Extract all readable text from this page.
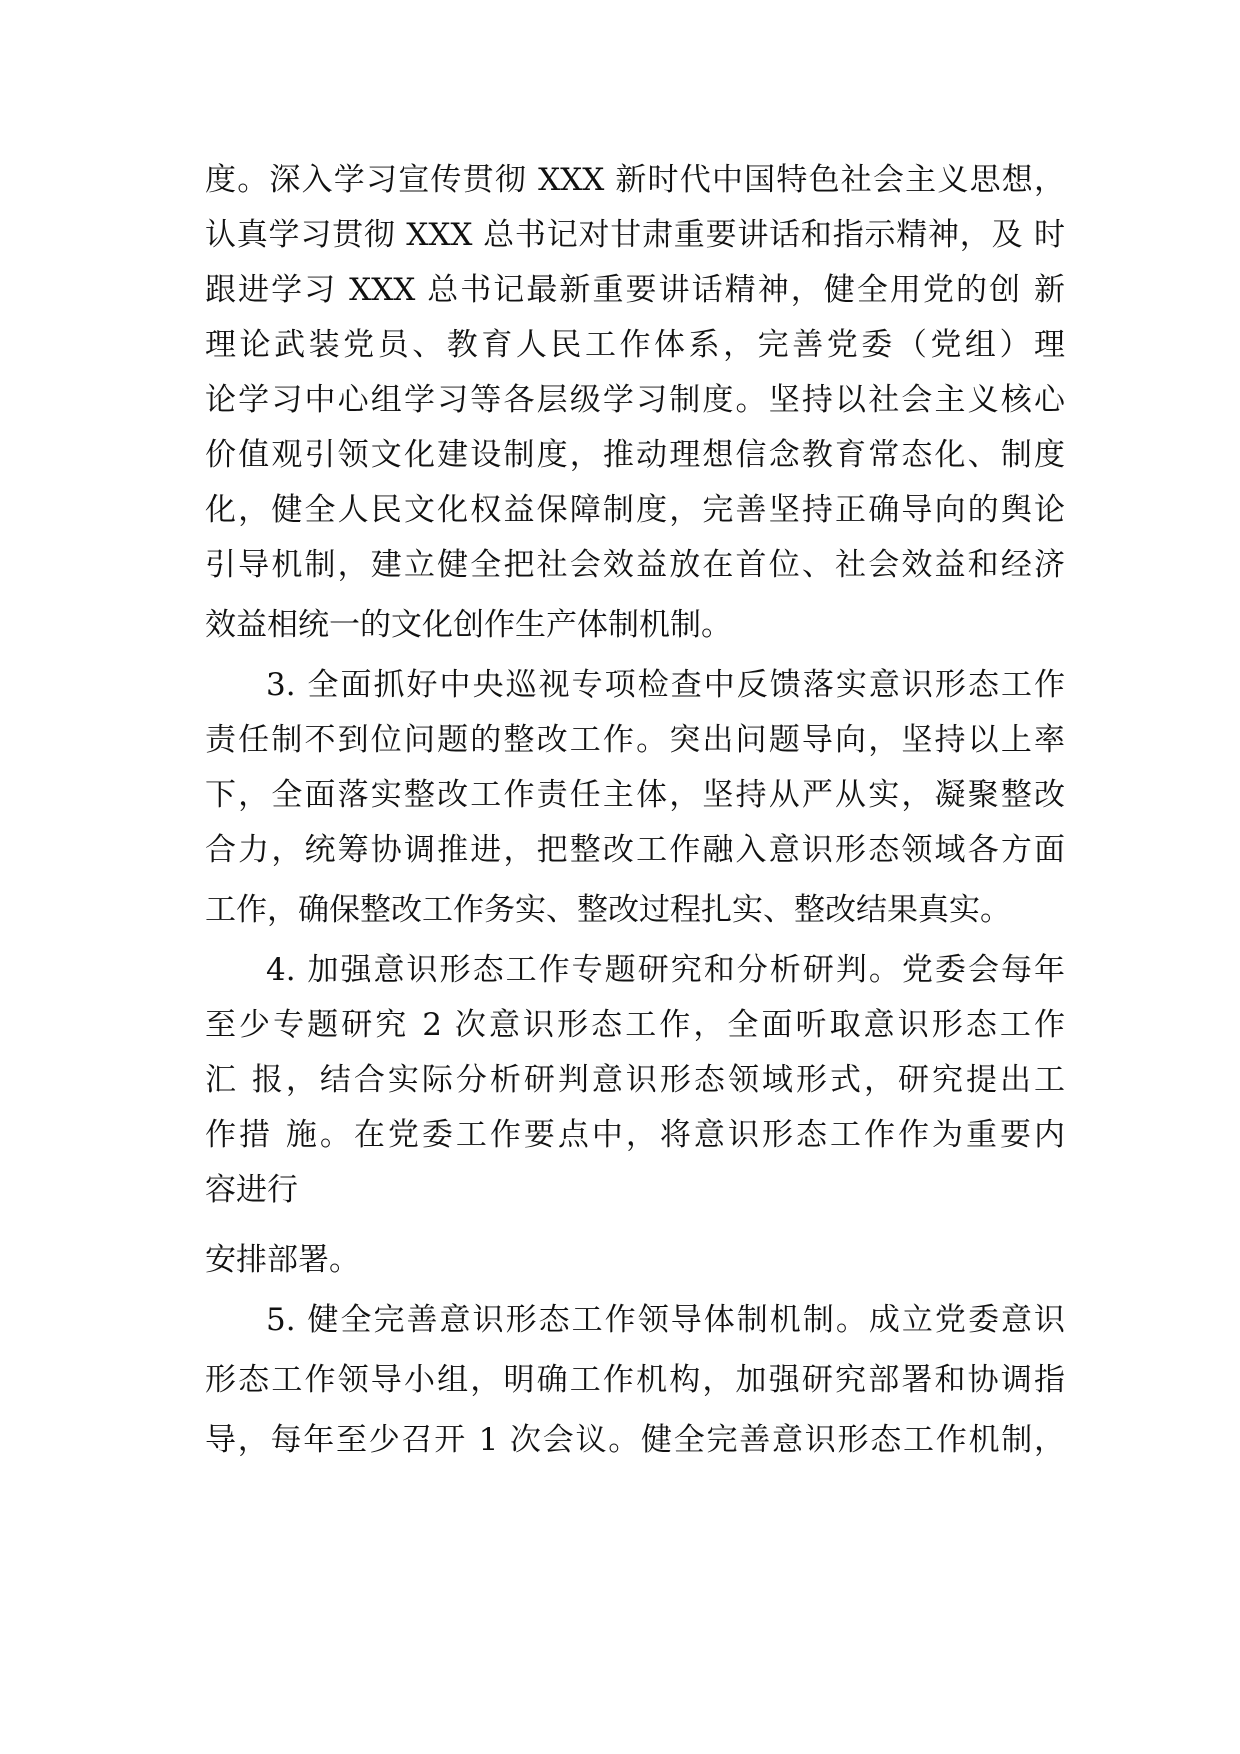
度。深入学习宣传贯彻 XXX 新时代中国特色社会主义思想，
认真学习贯彻 XXX 总书记对甘肃重要讲话和指示精神，及 时
跟进学习 XXX 总书记最新重要讲话精神，健全用党的创 新
理论武装党员、教育人民工作体系，完善党委（党组）理
论学习中心组学习等各层级学习制度。坚持以社会主义核心
价值观引领文化建设制度，推动理想信念教育常态化、制度
化，健全人民文化权益保障制度，完善坚持正确导向的舆论
引导机制，建立健全把社会效益放在首位、社会效益和经济
效益相统一的文化创作生产体制机制。
3. 全面抓好中央巡视专项检查中反馈落实意识形态工作
责任制不到位问题的整改工作。突出问题导向，坚持以上率
下，全面落实整改工作责任主体，坚持从严从实，凝聚整改
合力，统筹协调推进，把整改工作融入意识形态领域各方面
工作，确保整改工作务实、整改过程扎实、整改结果真实。
4. 加强意识形态工作专题研究和分析研判。党委会每年
至少专题研究 2 次意识形态工作，全面听取意识形态工作
汇 报，结合实际分析研判意识形态领域形式，研究提出工
作措 施。在党委工作要点中，将意识形态工作作为重要内
容进行
安排部署。
5. 健全完善意识形态工作领导体制机制。成立党委意识
形态工作领导小组，明确工作机构，加强研究部署和协调指
导，每年至少召开 1 次会议。健全完善意识形态工作机制，
